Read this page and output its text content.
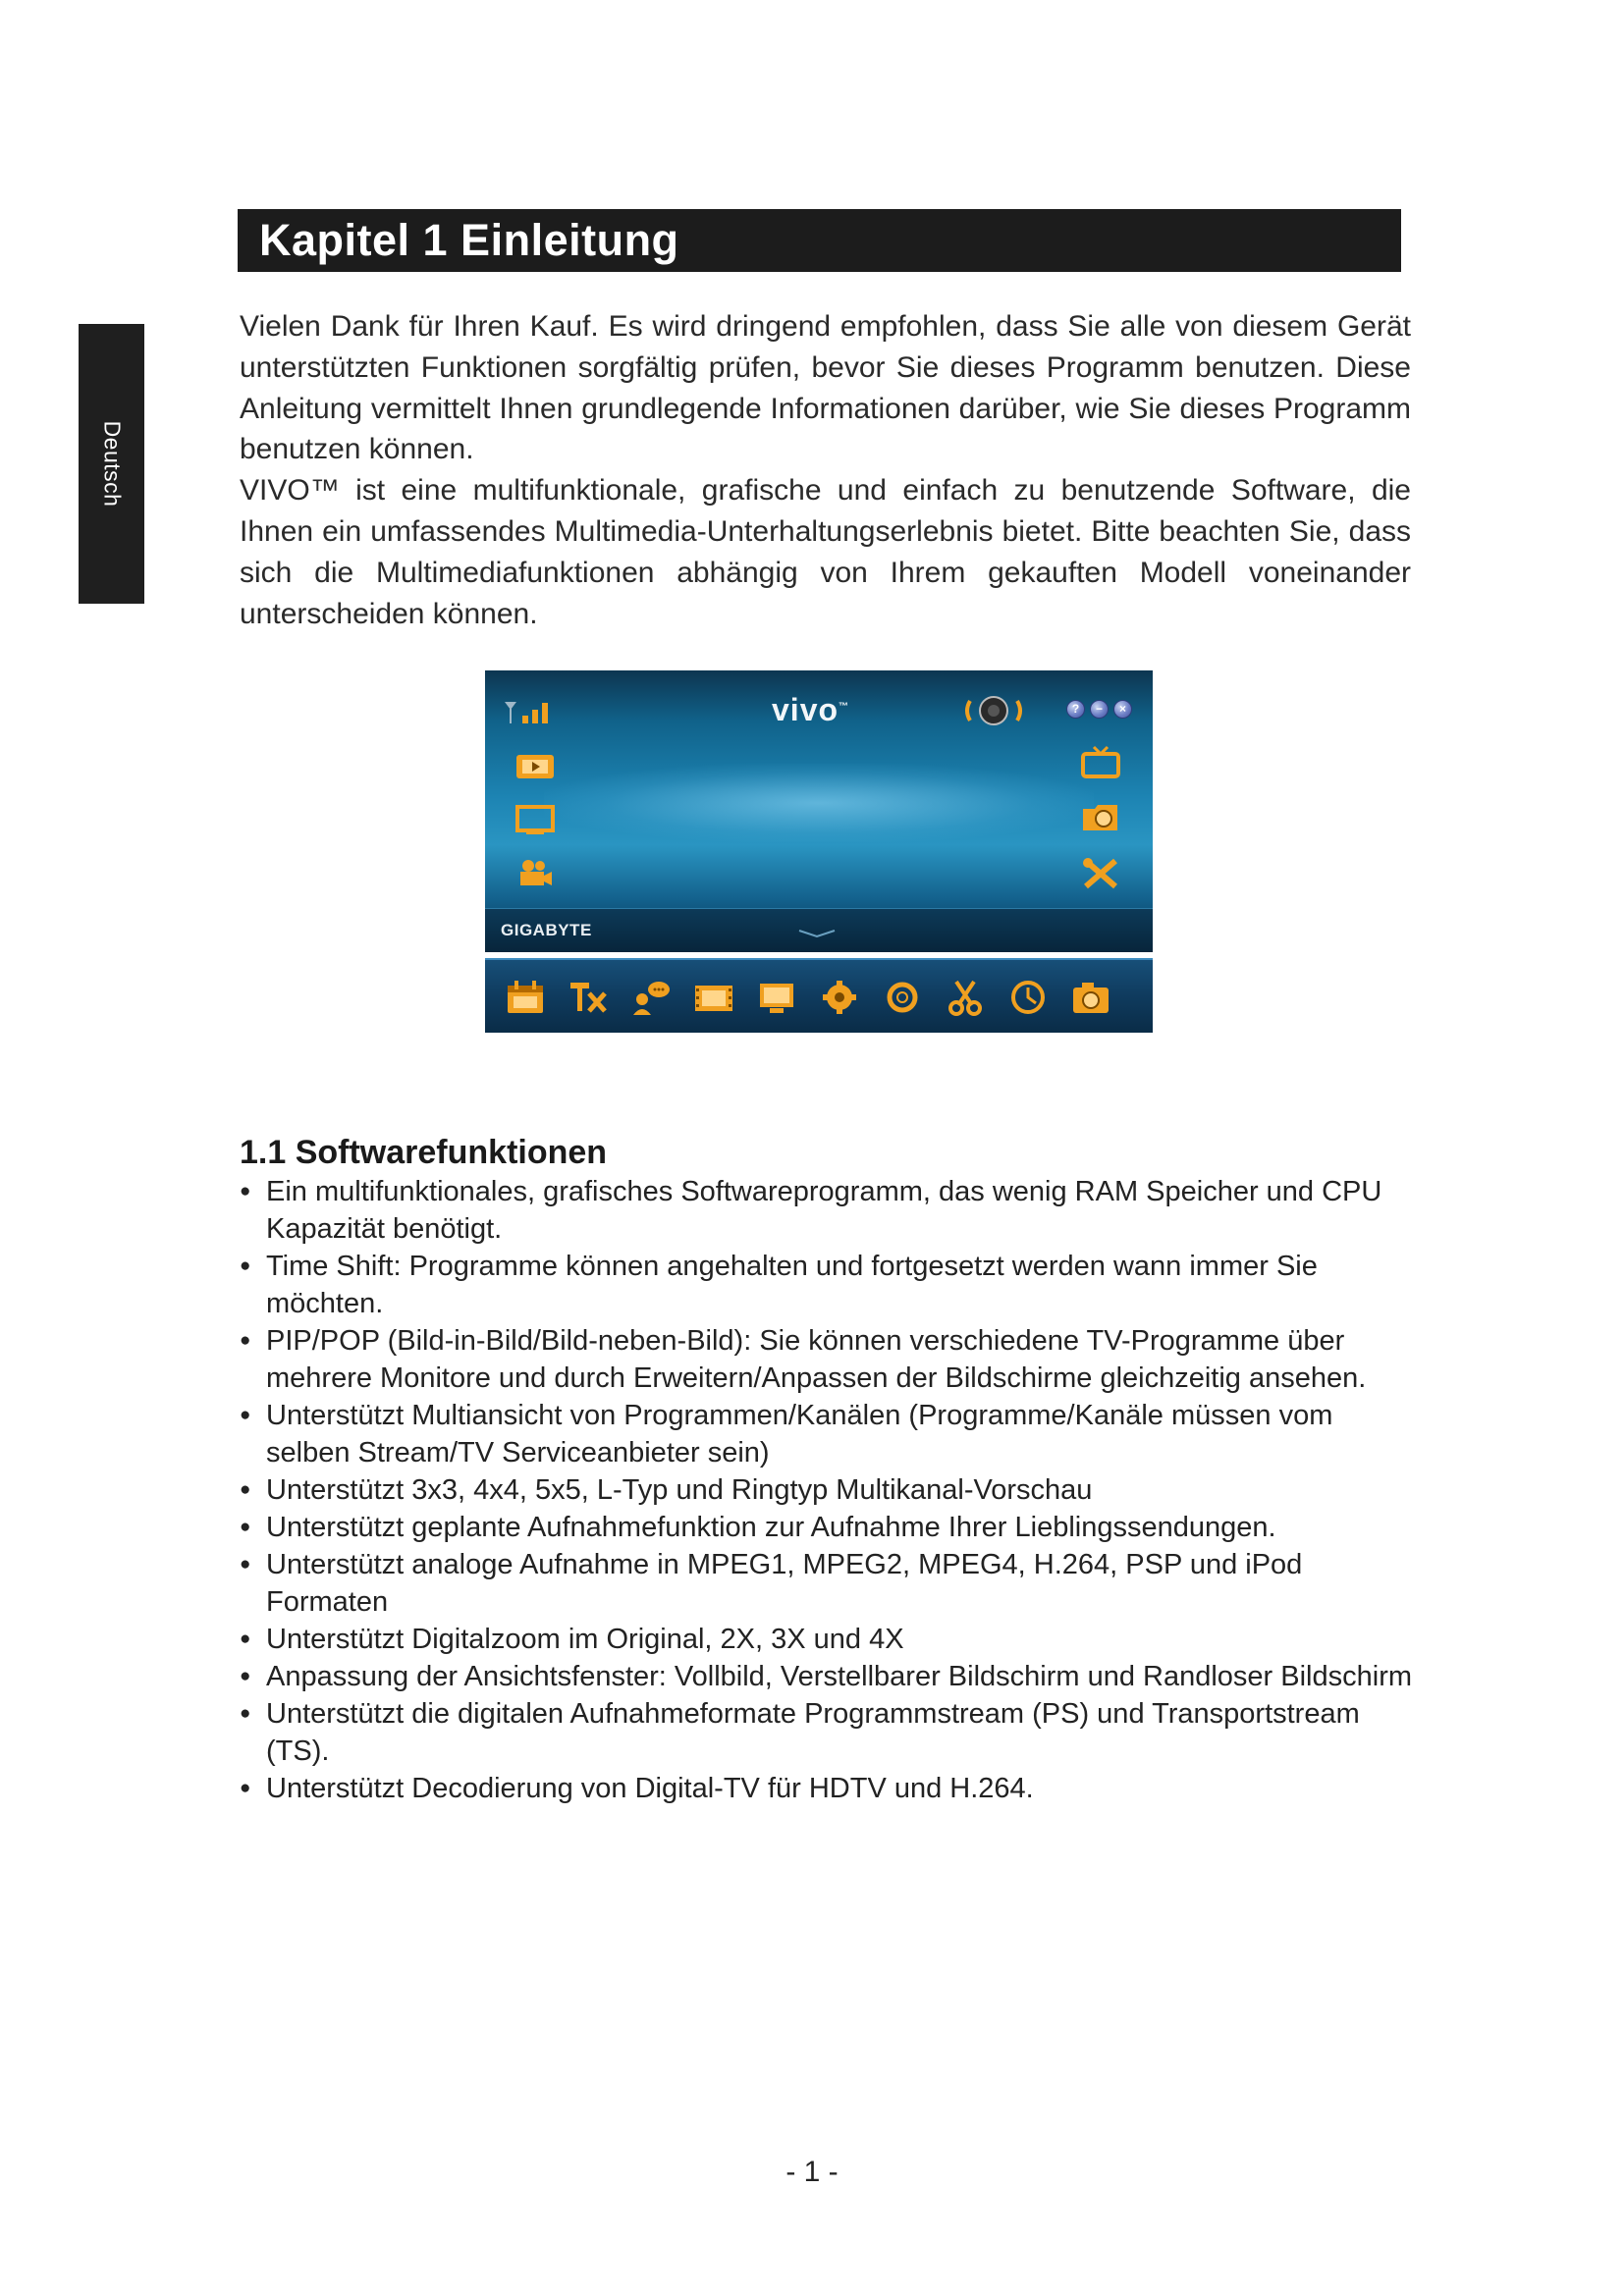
Deutsch
Kapitel 1 Einleitung

Vielen Dank für Ihren Kauf. Es wird dringend empfohlen, dass Sie alle von diesem Gerät unterstützten Funktionen sorgfältig prüfen, bevor Sie dieses Programm benutzen. Diese Anleitung vermittelt Ihnen grundlegende Informationen darüber, wie Sie dieses Programm benutzen können.

VIVO™ ist eine multifunktionale, grafische und einfach zu benutzende Software, die Ihnen ein umfassendes Multimedia-Unterhaltungserlebnis bietet. Bitte beachten Sie, dass sich die Multimediafunktionen abhängig von Ihrem gekauften Modell voneinander unterscheiden können.

vivo™	?	−	×
GIGABYTE
1.1 Softwarefunktionen
● Ein multifunktionales, grafisches Softwareprogramm, das wenig RAM Speicher und CPU Kapazität benötigt.
● Time Shift: Programme können angehalten und fortgesetzt werden wann immer Sie möchten.
● PIP/POP (Bild-in-Bild/Bild-neben-Bild): Sie können verschiedene TV-Programme über mehrere Monitore und durch Erweitern/Anpassen der Bildschirme gleichzeitig ansehen.
● Unterstützt Multiansicht von Programmen/Kanälen (Programme/Kanäle müssen vom selben Stream/TV Serviceanbieter sein)
● Unterstützt 3x3, 4x4, 5x5, L-Typ und Ringtyp Multikanal-Vorschau
● Unterstützt geplante Aufnahmefunktion zur Aufnahme Ihrer Lieblingssendungen.
● Unterstützt analoge Aufnahme in MPEG1, MPEG2, MPEG4, H.264, PSP und iPod Formaten
● Unterstützt Digitalzoom im Original, 2X, 3X und 4X
● Anpassung der Ansichtsfenster: Vollbild, Verstellbarer Bildschirm und Randloser Bildschirm
● Unterstützt die digitalen Aufnahmeformate Programmstream (PS) und Transportstream (TS).
● Unterstützt Decodierung von Digital-TV für HDTV und H.264.
- 1 -
